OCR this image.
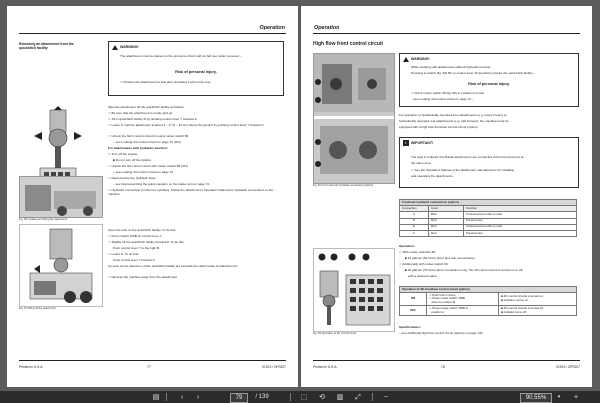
Operation
Removing an attachment from the quickhitch facility	WARNING!
The attachment must be placed on the ground so that it will not fall over when removed –
Risk of personal injury.
⇨ Position the attachment so that after unlocking it will not tip over
Fig. 66 Locating and lifting the attachment
Fig. 67 Tilting off the attachment
Take the attachment off the quickhitch facility as follows:
⇨ Be sure that the attachment is empty and up.
⇨ Tilt in quickhitch facility R by pushing control lever Y towards Z.
⇨ Lower G until the attachment is about 2 – 4" (5 – 10 cm) above the ground by pushing control lever Y forward C.
⇨ Unlock the hitch control circuit by using rocker switch 58.
– see Looking 3rd control circuit on page 72 (ON)
For attachments with hydraulic function:
⇨ Turn off the engine.
■ Do not turn off the ignition.
⇨ Unlock the 3rd control circuit with rocker switch 58 (ON)
– see Looking 3rd control circuit on page 72.
⇨ Depressurize the hydraulic lines:
– see Depressurizing the quick couplers on the loader unit on page 74.
⇨ Hydraulic connection (on the box cylinder): Follow the attachment's Operator's Manual for hydraulic connections to the machine.
Open the lock on the quickhitch facility. To do this:
⇨ Press switch 105B on control lever Y.
⇨ Slightly tilt the quickhitch facility forward R. To do this:
Push control lever Y to the right B.
⇨ Lower G. To do this:
Push control lever Y forward C.
As soon as the sleeves L of the quickhitch facility are beneath the catch hooks of attachment K:
⇨ Reverse the machine away from the attachment.
Printed in U.S.A.	77	91913 / DP0207
Operation
High flow front control circuit
WARNING!
When working with attachments without hydraulic function:
Pressing lo switch (fig. 83) 58 on control lever 19 (joystick) unlocks the quick-hitch facility –
Risk of personal injury.
⇨ Press rocker switch 58 (fig. 83) in position A to lock.
– see Looking 3rd control circuit on page 72 –
Fig. 82 Front and rear hydraulic connections (option)
For operation of hydraulically operated front attachments (e.g. rotary broom) or
hydraulically operated rear attachments (e.g. salt sprayer), the machine must be
equipped with a high flow front/rear control circuit (option).
i	IMPORTANT!
The load is reduced if hydraulic attachments are connected at the front and rear at
the same time.
⇨ See the Operator's Manual of the attachment manufacturers for installing
and operating the attachments.
Front/rear hydraulic connections (option)		
Connection	Color	Function
C	Blue	Unpressurized reflux to tank
D	Red	Pressure line
E	Red	Unpressurized reflux to tank
F	Red	Pressure line
Operation:
⇨ With rocker switches 66:
■ 14 gal/min (52 l/min) (front and rear connections).
⇨ Additionally with rocker switch 66:
■ 20 gal/min (75 l/min) (front connection only); the 4th control circuit is turned on or off
with a solenoid valve.
Fig. 83 Operation of 4th control circuit
Operation of 4th front/rear control circuit (option)		
ON	⇨ Push lock C down.
⇨ Press rocker switch 158B
down to position B	■ 4th control circuits is turned on.
■ Indicator comes on.
OFF	⇨ Press rocker switch 158B to
position A	■ 4th control circuits is turned off.
■ Indicator turns off.
Specifications:
– see Additional high flow control circuit (option) on page 144.
Printed in U.S.A.	78	91913 / DP0207
▤	‹	›	79	/ 139	⬚	⟲	▥	⤢	−	90.55%	▾	+
